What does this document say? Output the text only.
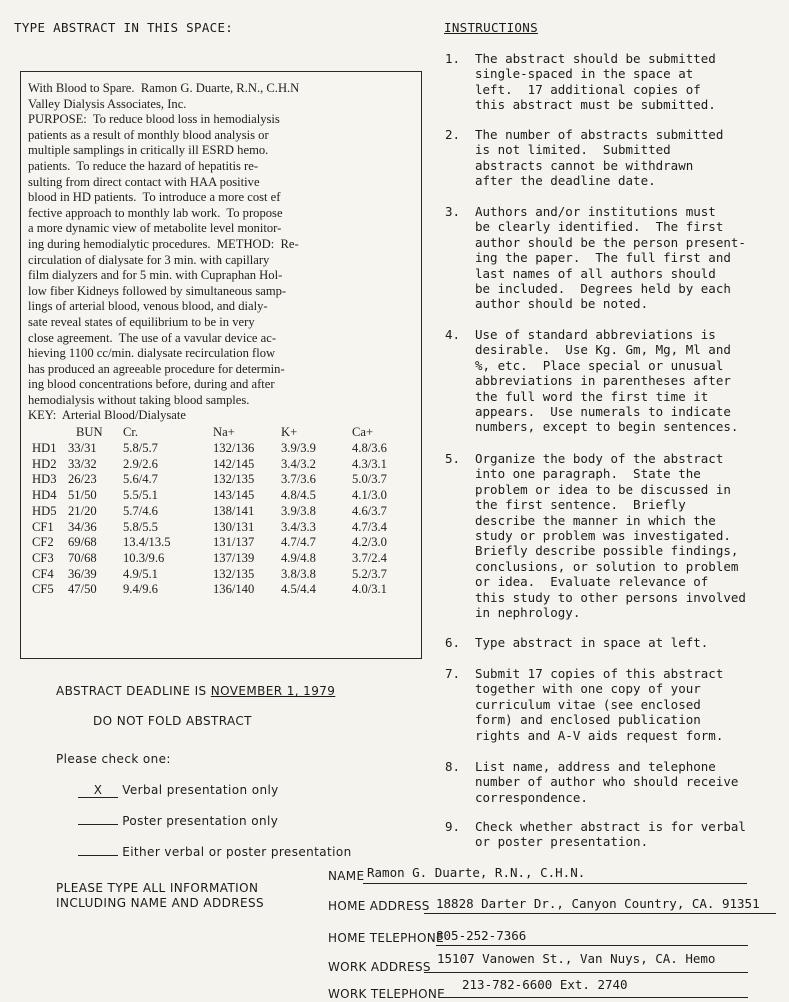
TYPE ABSTRACT IN THIS SPACE:	INSTRUCTIONS
With Blood to Spare.  Ramon G. Duarte, R.N., C.H.N
Valley Dialysis Associates, Inc.
PURPOSE:  To reduce blood loss in hemodialysis
patients as a result of monthly blood analysis or
multiple samplings in critically ill ESRD hemo.
patients.  To reduce the hazard of hepatitis re-
sulting from direct contact with HAA positive
blood in HD patients.  To introduce a more cost ef
fective approach to monthly lab work.  To propose
a more dynamic view of metabolite level monitor-
ing during hemodialytic procedures.  METHOD:  Re-
circulation of dialysate for 3 min. with capillary
film dialyzers and for 5 min. with Cupraphan Hol-
low fiber Kidneys followed by simultaneous samp-
lings of arterial blood, venous blood, and dialy-
sate reveal states of equilibrium to be in very
close agreement.  The use of a vavular device ac-
hieving 1100 cc/min. dialysate recirculation flow
has produced an agreeable procedure for determin-
ing blood concentrations before, during and after
hemodialysis without taking blood samples.
KEY:  Arterial Blood/Dialysate
BUN Cr.	Na+	K+	Ca+
HD1 33/31 5.8/5.7	132/136 3.9/3.9	4.8/3.6
HD2 33/32 2.9/2.6	142/145 3.4/3.2	4.3/3.1
HD3 26/23 5.6/4.7	132/135 3.7/3.6	5.0/3.7
HD4 51/50 5.5/5.1	143/145 4.8/4.5	4.1/3.0
HD5 21/20 5.7/4.6	138/141 3.9/3.8	4.6/3.7
CF1 34/36 5.8/5.5	130/131 3.4/3.3	4.7/3.4
CF2 69/68 13.4/13.5	131/137 4.7/4.7	4.2/3.0
CF3 70/68 10.3/9.6	137/139 4.9/4.8	3.7/2.4
CF4 36/39 4.9/5.1	132/135 3.8/3.8	5.2/3.7
CF5 47/50 9.4/9.6	136/140 4.5/4.4	4.0/3.1
1. The abstract should be submitted
single-spaced in the space at
left.  17 additional copies of
this abstract must be submitted.
2. The number of abstracts submitted
is not limited.  Submitted
abstracts cannot be withdrawn
after the deadline date.
3. Authors and/or institutions must
be clearly identified.  The first
author should be the person present-
ing the paper.  The full first and
last names of all authors should
be included.  Degrees held by each
author should be noted.
4. Use of standard abbreviations is
desirable.  Use Kg. Gm, Mg, Ml and
%, etc.  Place special or unusual
abbreviations in parentheses after
the full word the first time it
appears.  Use numerals to indicate
numbers, except to begin sentences.
5. Organize the body of the abstract
into one paragraph.  State the
problem or idea to be discussed in
the first sentence.  Briefly
describe the manner in which the
study or problem was investigated.
Briefly describe possible findings,
conclusions, or solution to problem
or idea.  Evaluate relevance of
this study to other persons involved
in nephrology.
6. Type abstract in space at left.
7. Submit 17 copies of this abstract
together with one copy of your
curriculum vitae (see enclosed
form) and enclosed publication
rights and A-V aids request form.
8. List name, address and telephone
number of author who should receive
correspondence.
9. Check whether abstract is for verbal
or poster presentation.
ABSTRACT DEADLINE IS NOVEMBER 1, 1979
DO NOT FOLD ABSTRACT
Please check one:
X Verbal presentation only
Poster presentation only
Either verbal or poster presentation
PLEASE TYPE ALL INFORMATION
INCLUDING NAME AND ADDRESS
NAME Ramon G. Duarte, R.N., C.H.N.
HOME ADDRESS 18828 Darter Dr., Canyon Country, CA. 91351
HOME TELEPHONE
805-252-7366
WORK ADDRESS
15107 Vanowen St., Van Nuys, CA. Hemo
WORK TELEPHONE
213-782-6600 Ext. 2740
